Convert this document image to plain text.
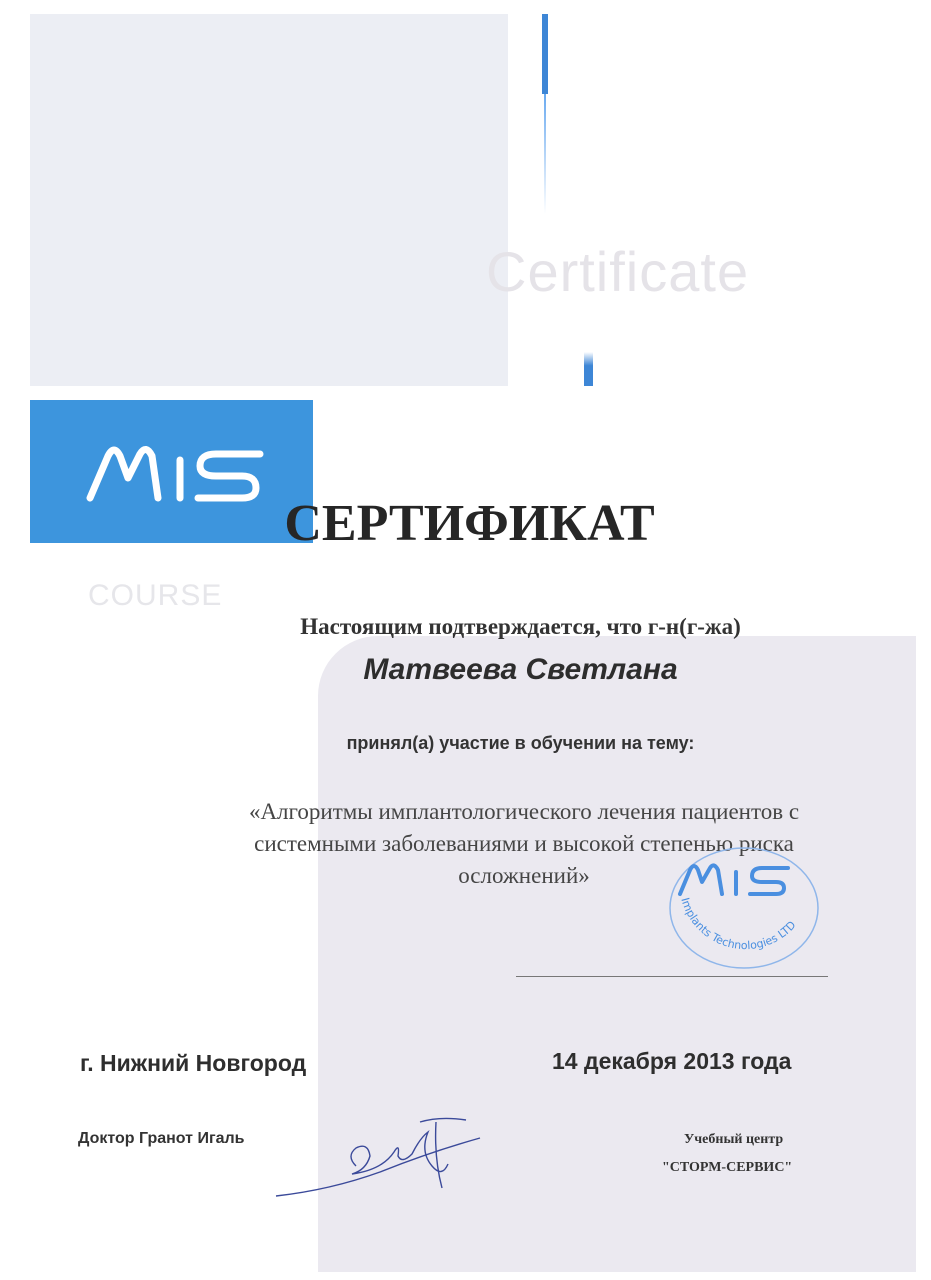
Certificate
COURSE
СЕРТИФИКАТ
Настоящим подтверждается, что г-н(г-жа)
Матвеева Светлана
принял(а) участие в обучении на тему:
«Алгоритмы имплантологического лечения пациентов с
системными заболеваниями и высокой степенью риска
осложнений»
Implants Technologies LTD
г. Нижний Новгород	14 декабря 2013 года
Доктор Гранот Игаль	Учебный центр
"СТОРМ-СЕРВИС"
